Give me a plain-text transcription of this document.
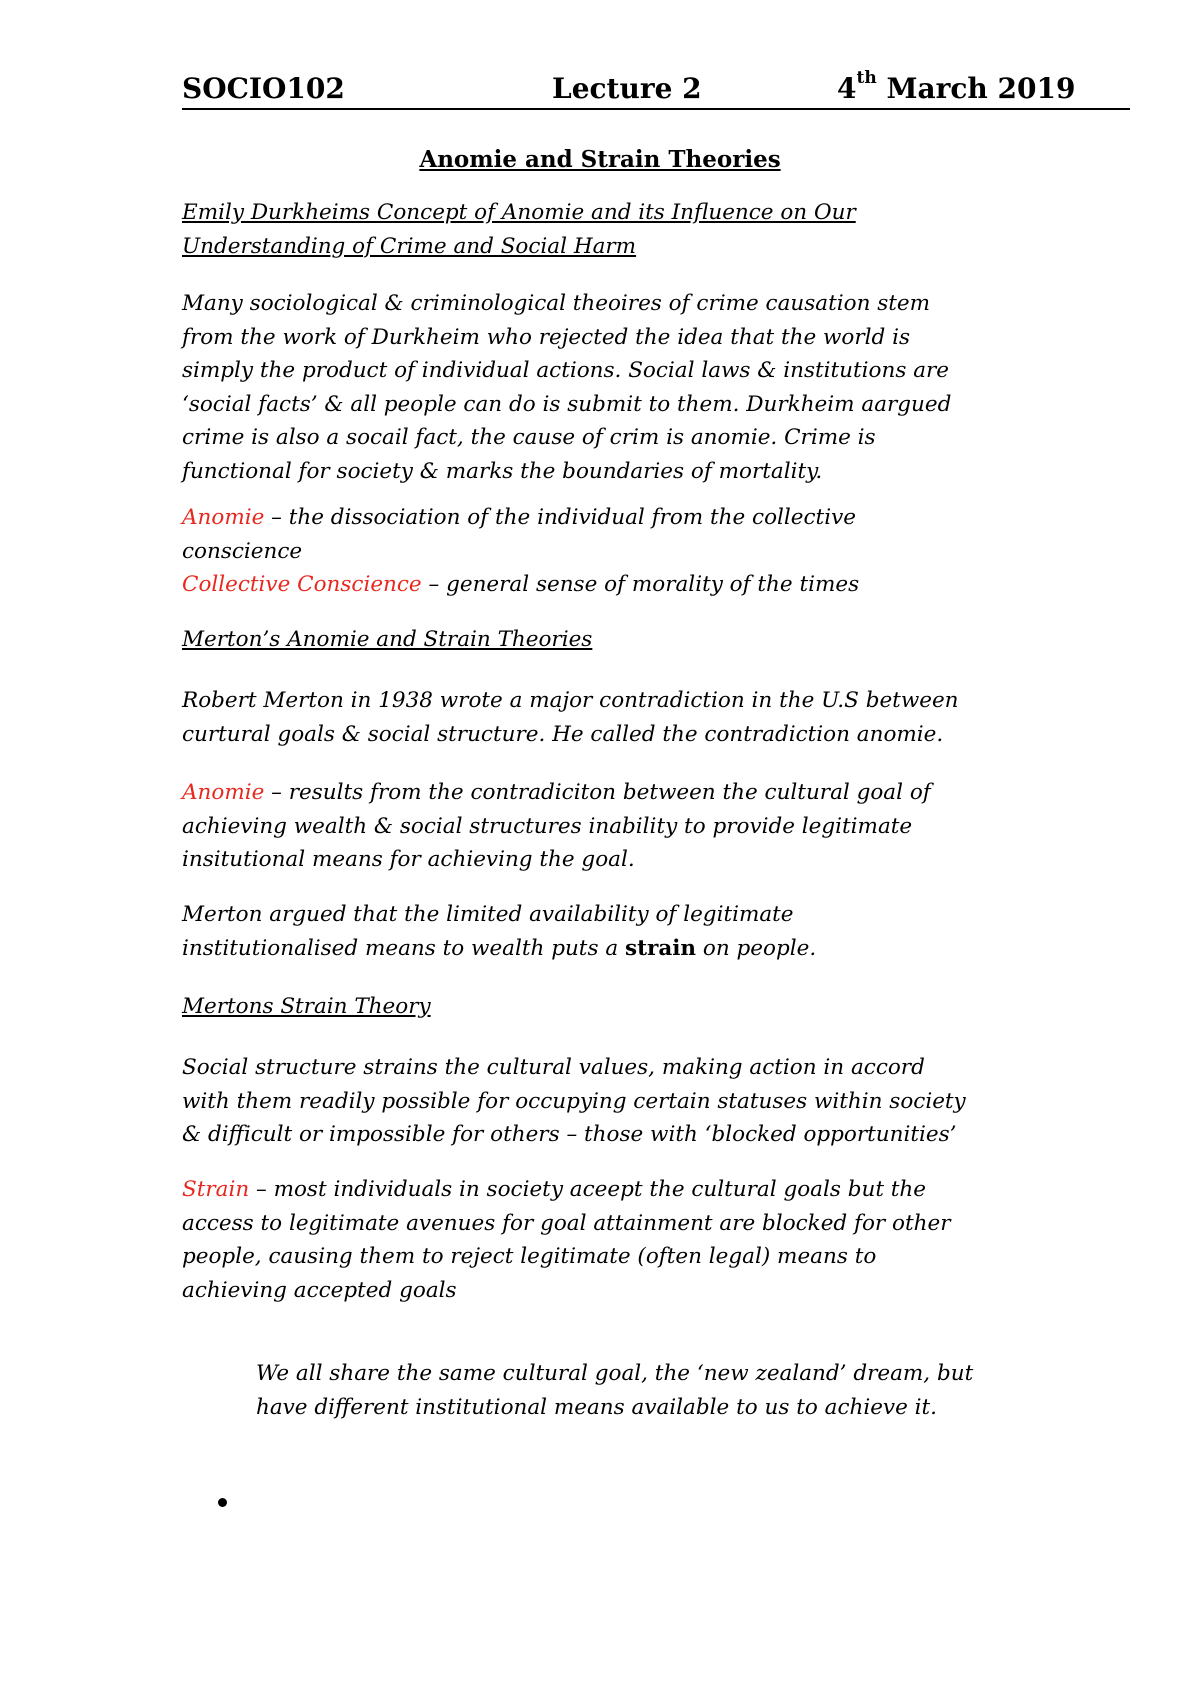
SOCIO102	Lecture 2	4th March 2019
Anomie and Strain Theories
Emily Durkheims Concept of Anomie and its Influence on Our
Understanding of Crime and Social Harm
Many sociological & criminological theoires of crime causation stem
from the work of Durkheim who rejected the idea that the world is
simply the product of individual actions. Social laws & institutions are
‘social facts’ & all people can do is submit to them. Durkheim aargued
crime is also a socail fact, the cause of crim is anomie. Crime is
functional for society & marks the boundaries of mortality.
Anomie – the dissociation of the individual from the collective
conscience
Collective Conscience – general sense of morality of the times
Merton’s Anomie and Strain Theories
Robert Merton in 1938 wrote a major contradiction in the U.S between
curtural goals & social structure. He called the contradiction anomie.
Anomie – results from the contradiciton between the cultural goal of
achieving wealth & social structures inability to provide legitimate
insitutional means for achieving the goal.
Merton argued that the limited availability of legitimate
institutionalised means to wealth puts a strain on people.
Mertons Strain Theory
Social structure strains the cultural values, making action in accord
with them readily possible for occupying certain statuses within society
& difficult or impossible for others – those with ‘blocked opportunities’
Strain – most individuals in society aceept the cultural goals but the
access to legitimate avenues for goal attainment are blocked for other
people, causing them to reject legitimate (often legal) means to
achieving accepted goals
We all share the same cultural goal, the ‘new zealand’ dream, but
have different institutional means available to us to achieve it.
